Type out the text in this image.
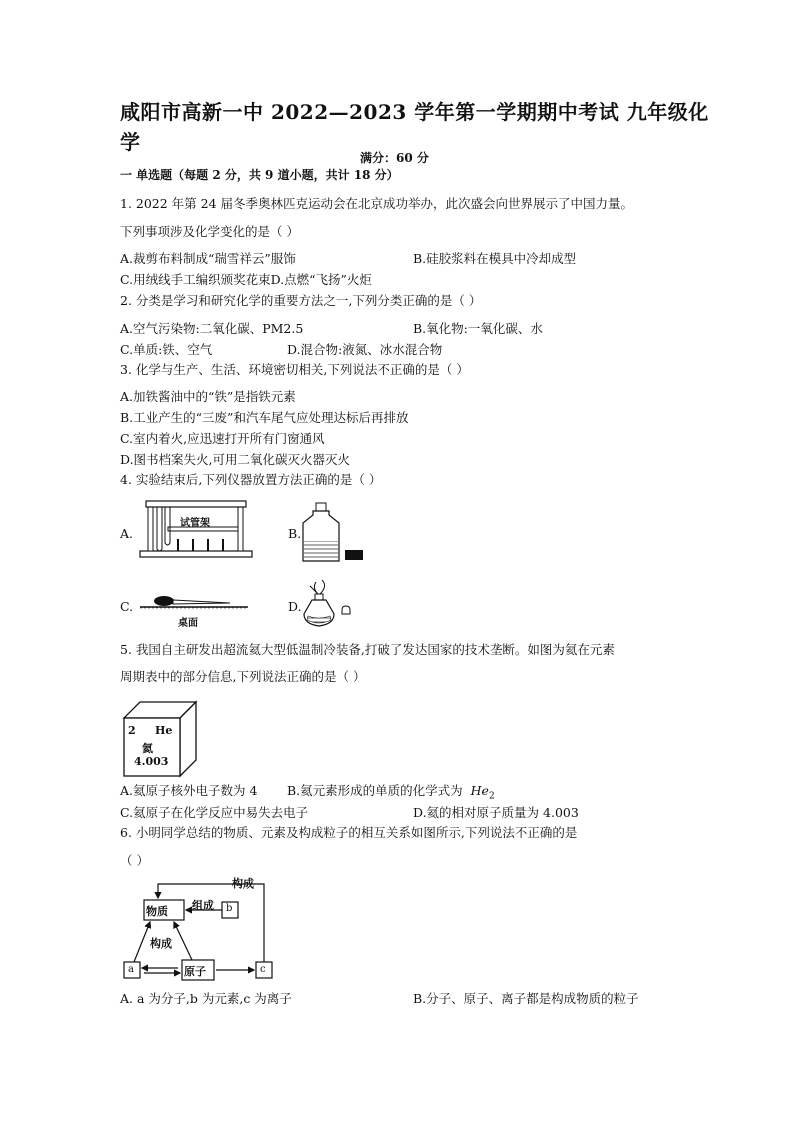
咸阳市高新一中 2022—2023 学年第一学期期中考试 九年级化
学
满分：60 分
一 单选题（每题 2 分，共 9 道小题，共计 18 分）
1. 2022 年第 24 届冬季奥林匹克运动会在北京成功举办，此次盛会向世界展示了中国力量。
下列事项涉及化学变化的是（ ）
A.裁剪布料制成“瑞雪祥云”服饰	B.硅胶浆料在模具中冷却成型
C.用绒线手工编织颁奖花束D.点燃“飞扬”火炬
2. 分类是学习和研究化学的重要方法之一,下列分类正确的是（ ）
A.空气污染物:二氧化碳、PM2.5	B.氧化物:一氧化碳、水
C.单质:铁、空气	D.混合物:液氮、冰水混合物
3. 化学与生产、生活、环境密切相关,下列说法不正确的是（ ）
A.加铁酱油中的“铁”是指铁元素
B.工业产生的“三废”和汽车尾气应处理达标后再排放
C.室内着火,应迅速打开所有门窗通风
D.图书档案失火,可用二氧化碳灭火器灭火
4. 实验结束后,下列仪器放置方法正确的是（ ）
A.
试管架
B.
C.
桌面
D.
5. 我国自主研发出超流氦大型低温制冷装备,打破了发达国家的技术垄断。如图为氦在元素
周期表中的部分信息,下列说法正确的是（ ）
2 He
氦
4.003
A.氦原子核外电子数为 4 B.氦元素形成的单质的化学式为 $He_2$
C.氦原子在化学反应中易失去电子	D.氦的相对原子质量为 4.003
6. 小明同学总结的物质、元素及构成粒子的相互关系如图所示,下列说法不正确的是
（ ）
物质	b
a	原子	c
构成
组成
构成
A. a 为分子,b 为元素,c 为离子	B.分子、原子、离子都是构成物质的粒子
